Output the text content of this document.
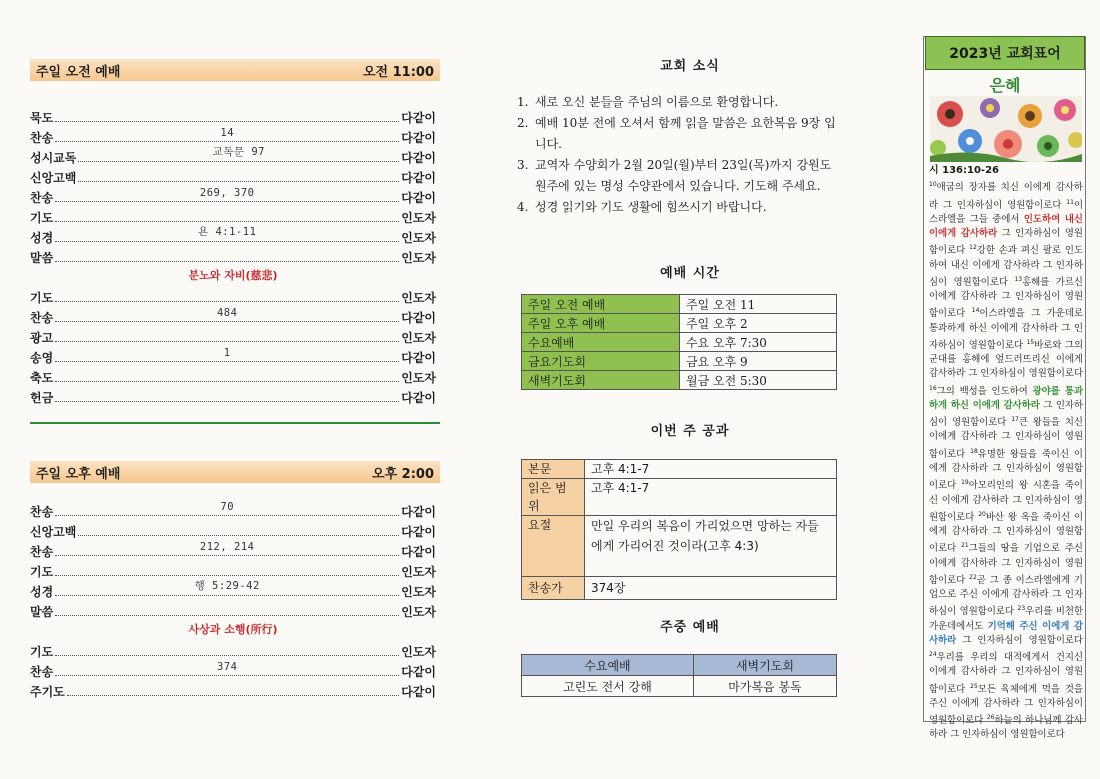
주일 오전 예배	오전 11:00
묵도	다같이
찬송	14	다같이
성시교독	교독문 97	다같이
신앙고백	다같이
찬송	269, 370	다같이
기도	인도자
성경	욘 4:1-11	인도자
말씀	인도자
분노와 자비(慈悲)
기도	인도자
찬송	484	다같이
광고	인도자
송영	1	다같이
축도	인도자
헌금	다같이
주일 오후 예배	오후 2:00
찬송	70	다같이
신앙고백	다같이
찬송	212, 214	다같이
기도	인도자
성경	행 5:29-42	인도자
말씀	인도자
사상과 소행(所行)
기도	인도자
찬송	374	다같이
주기도	다같이
교회 소식
1. 새로 오신 분들을 주님의 이름으로 환영합니다.
2. 예배 10분 전에 오셔서 함께 읽을 말씀은 요한복음 9장 입니다.
3. 교역자 수양회가 2월 20일(월)부터 23일(목)까지 강원도 원주에 있는 명성 수양관에서 있습니다. 기도해 주세요.
4. 성경 읽기와 기도 생활에 힘쓰시기 바랍니다.
예배 시간
주일 오전 예배	주일 오전 11
주일 오후 예배	주일 오후 2
수요예배	수요 오후 7:30
금요기도회	금요 오후 9
새벽기도회	월금 오전 5:30
이번 주 공과
본문	고후 4:1-7
읽은 범위	고후 4:1-7
요절	만일 우리의 복음이 가리었으면 망하는 자들에게 가리어진 것이라(고후 4:3)
찬송가	374장
주중 예배
수요예배	새벽기도회
고린도 전서 강해	마가복음 봉독
2023년 교회표어
은혜
시 136:10-26
$^{10}$애굽의 장자를 치신 이에게 감사하라 그 인자하심이 영원함이로다 $^{11}$이스라엘을 그들 중에서 인도하여 내신 이에게 감사하라 그 인자하심이 영원함이로다 $^{12}$강한 손과 펴신 팔로 인도하여 내신 이에게 감사하라 그 인자하심이 영원함이로다 $^{13}$홍해를 가르신 이에게 감사하라 그 인자하심이 영원함이로다 $^{14}$이스라엘을 그 가운데로 통과하게 하신 이에게 감사하라 그 인자하심이 영원함이로다 $^{15}$바로와 그의 군대를 홍해에 엎드러뜨리신 이에게 감사하라 그 인자하심이 영원함이로다 $^{16}$그의 백성을 인도하여 광야를 통과하게 하신 이에게 감사하라 그 인자하심이 영원함이로다 $^{17}$큰 왕들을 치신 이에게 감사하라 그 인자하심이 영원함이로다 $^{18}$유명한 왕들을 죽이신 이에게 감사하라 그 인자하심이 영원함이로다 $^{19}$아모리인의 왕 시혼을 죽이신 이에게 감사하라 그 인자하심이 영원함이로다 $^{20}$바산 왕 옥을 죽이신 이에게 감사하라 그 인자하심이 영원함이로다 $^{21}$그들의 땅을 기업으로 주신 이에게 감사하라 그 인자하심이 영원함이로다 $^{22}$곧 그 종 이스라엘에게 기업으로 주신 이에게 감사하라 그 인자하심이 영원함이로다 $^{23}$우리를 비천한 가운데에서도 기억해 주신 이에게 감사하라 그 인자하심이 영원함이로다 $^{24}$우리를 우리의 대적에게서 건지신 이에게 감사하라 그 인자하심이 영원함이로다 $^{25}$모든 육체에게 먹을 것을 주신 이에게 감사하라 그 인자하심이 영원함이로다 $^{26}$하늘의 하나님께 감사하라 그 인자하심이 영원함이로다
